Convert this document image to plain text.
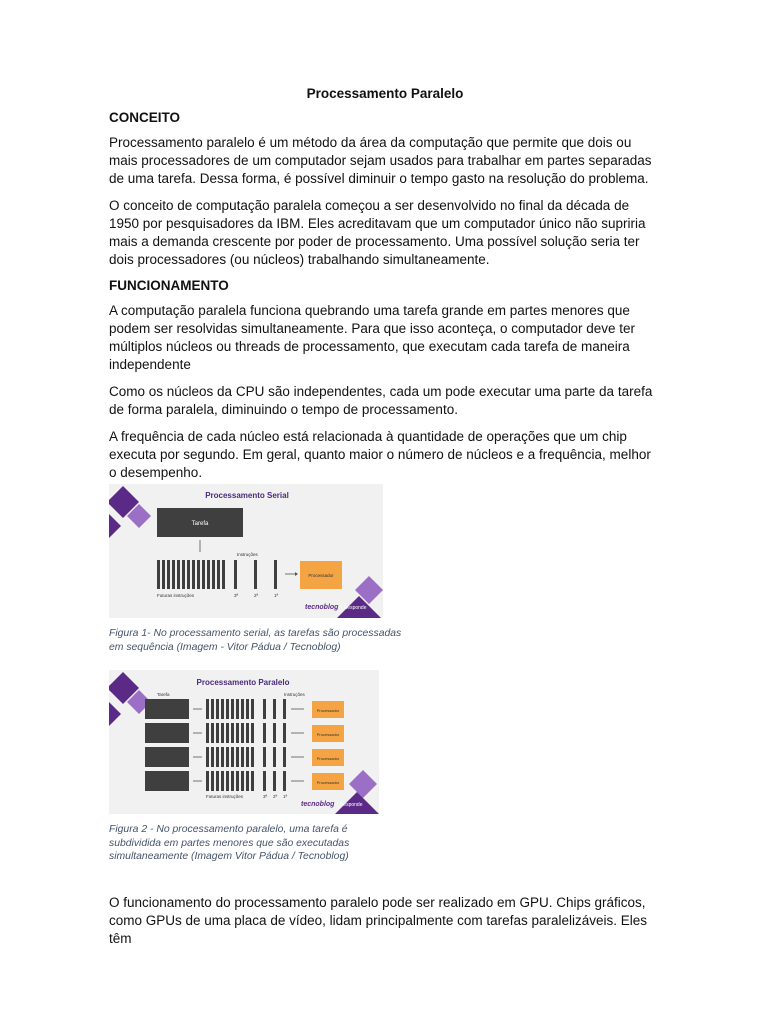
Processamento Paralelo

CONCEITO

Processamento paralelo é um método da área da computação que permite que dois ou mais processadores de um computador sejam usados para trabalhar em partes separadas de uma tarefa. Dessa forma, é possível diminuir o tempo gasto na resolução do problema.

O conceito de computação paralela começou a ser desenvolvido no final da década de 1950 por pesquisadores da IBM. Eles acreditavam que um computador único não supriria mais a demanda crescente por poder de processamento. Uma possível solução seria ter dois processadores (ou núcleos) trabalhando simultaneamente.

FUNCIONAMENTO

A computação paralela funciona quebrando uma tarefa grande em partes menores que podem ser resolvidas simultaneamente. Para que isso aconteça, o computador deve ter múltiplos núcleos ou threads de processamento, que executam cada tarefa de maneira independente

Como os núcleos da CPU são independentes, cada um pode executar uma parte da tarefa de forma paralela, diminuindo o tempo de processamento.

A frequência de cada núcleo está relacionada à quantidade de operações que um chip executa por segundo. Em geral, quanto maior o número de núcleos e a frequência, melhor o desempenho.

Processamento Serial
Tarefa
Instruções
Processador
Futuras instruções	3ª	2ª	1ª
tecnoblog | Responde
Figura 1- No processamento serial, as tarefas são processadas em sequência (Imagem - Vitor Pádua / Tecnoblog)
Processamento Paralelo
Tarefa	Instruções
Processador
Processador
Processador
Processador
Futuras instruções	3ª 2ª 1ª
tecnoblog | Responde
Figura 2 - No processamento paralelo, uma tarefa é subdividida em partes menores que são executadas simultaneamente (Imagem Vitor Pádua / Tecnoblog)

O funcionamento do processamento paralelo pode ser realizado em GPU. Chips gráficos, como GPUs de uma placa de vídeo, lidam principalmente com tarefas paralelizáveis. Eles têm
